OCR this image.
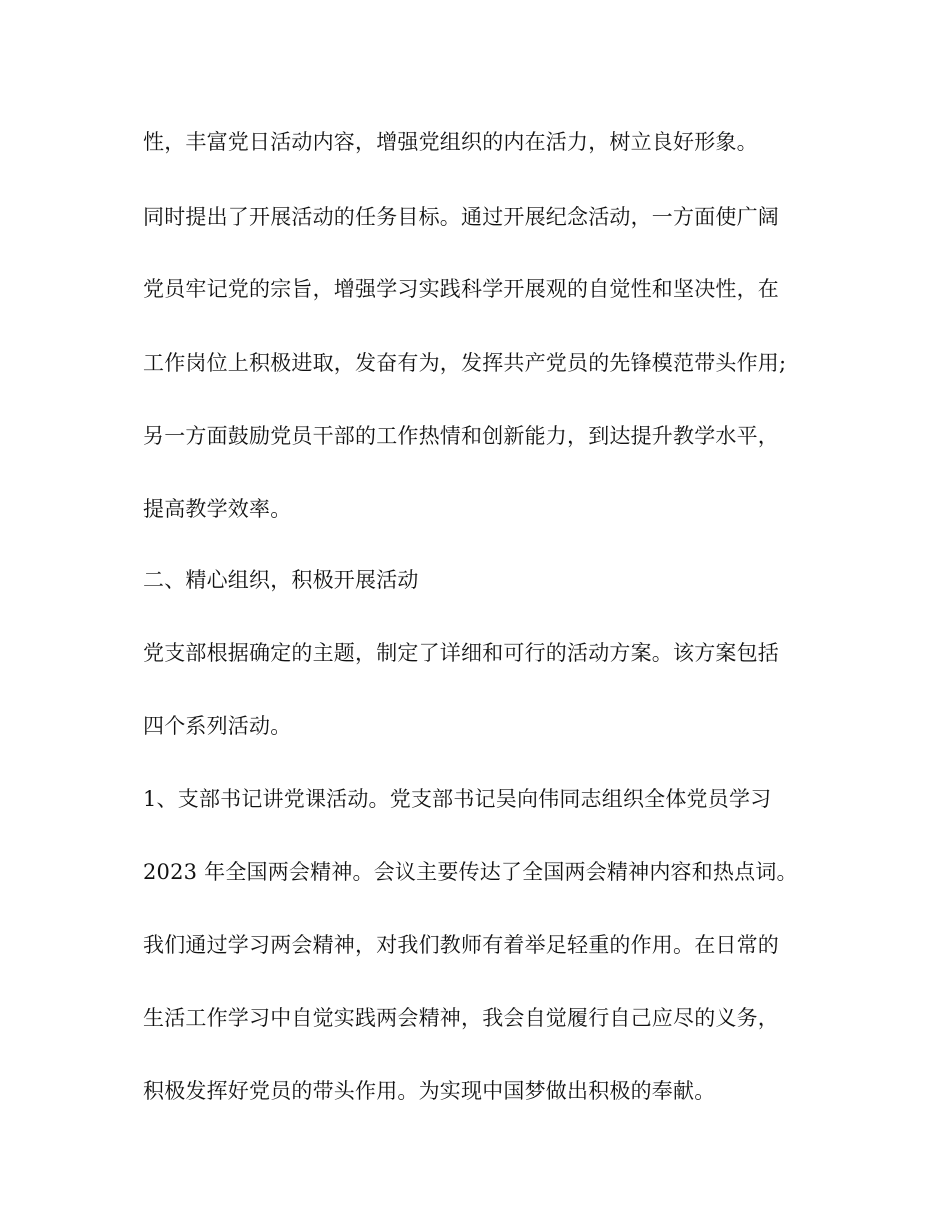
性，丰富党日活动内容，增强党组织的内在活力，树立良好形象。
同时提出了开展活动的任务目标。通过开展纪念活动，一方面使广阔
党员牢记党的宗旨，增强学习实践科学开展观的自觉性和坚决性，在
工作岗位上积极进取，发奋有为，发挥共产党员的先锋模范带头作用;
另一方面鼓励党员干部的工作热情和创新能力，到达提升教学水平，
提高教学效率。
二、精心组织，积极开展活动
党支部根据确定的主题，制定了详细和可行的活动方案。该方案包括
四个系列活动。
1、支部书记讲党课活动。党支部书记吴向伟同志组织全体党员学习
2023 年全国两会精神。会议主要传达了全国两会精神内容和热点词。
我们通过学习两会精神，对我们教师有着举足轻重的作用。在日常的
生活工作学习中自觉实践两会精神，我会自觉履行自己应尽的义务，
积极发挥好党员的带头作用。为实现中国梦做出积极的奉献。
